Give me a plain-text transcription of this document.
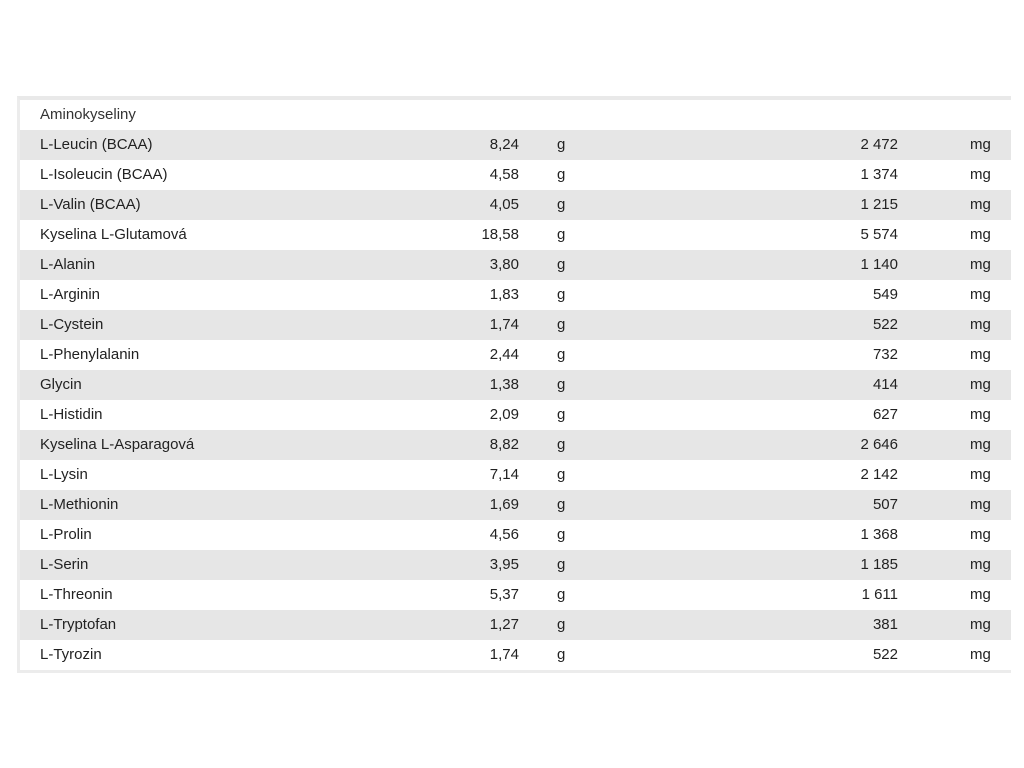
Aminokyseliny
L-Leucin (BCAA)	8,24	g	2 472	mg
L-Isoleucin (BCAA)	4,58	g	1 374	mg
L-Valin (BCAA)	4,05	g	1 215	mg
Kyselina L-Glutamová	18,58	g	5 574	mg
L-Alanin	3,80	g	1 140	mg
L-Arginin	1,83	g	549	mg
L-Cystein	1,74	g	522	mg
L-Phenylalanin	2,44	g	732	mg
Glycin	1,38	g	414	mg
L-Histidin	2,09	g	627	mg
Kyselina L-Asparagová	8,82	g	2 646	mg
L-Lysin	7,14	g	2 142	mg
L-Methionin	1,69	g	507	mg
L-Prolin	4,56	g	1 368	mg
L-Serin	3,95	g	1 185	mg
L-Threonin	5,37	g	1 611	mg
L-Tryptofan	1,27	g	381	mg
L-Tyrozin	1,74	g	522	mg
